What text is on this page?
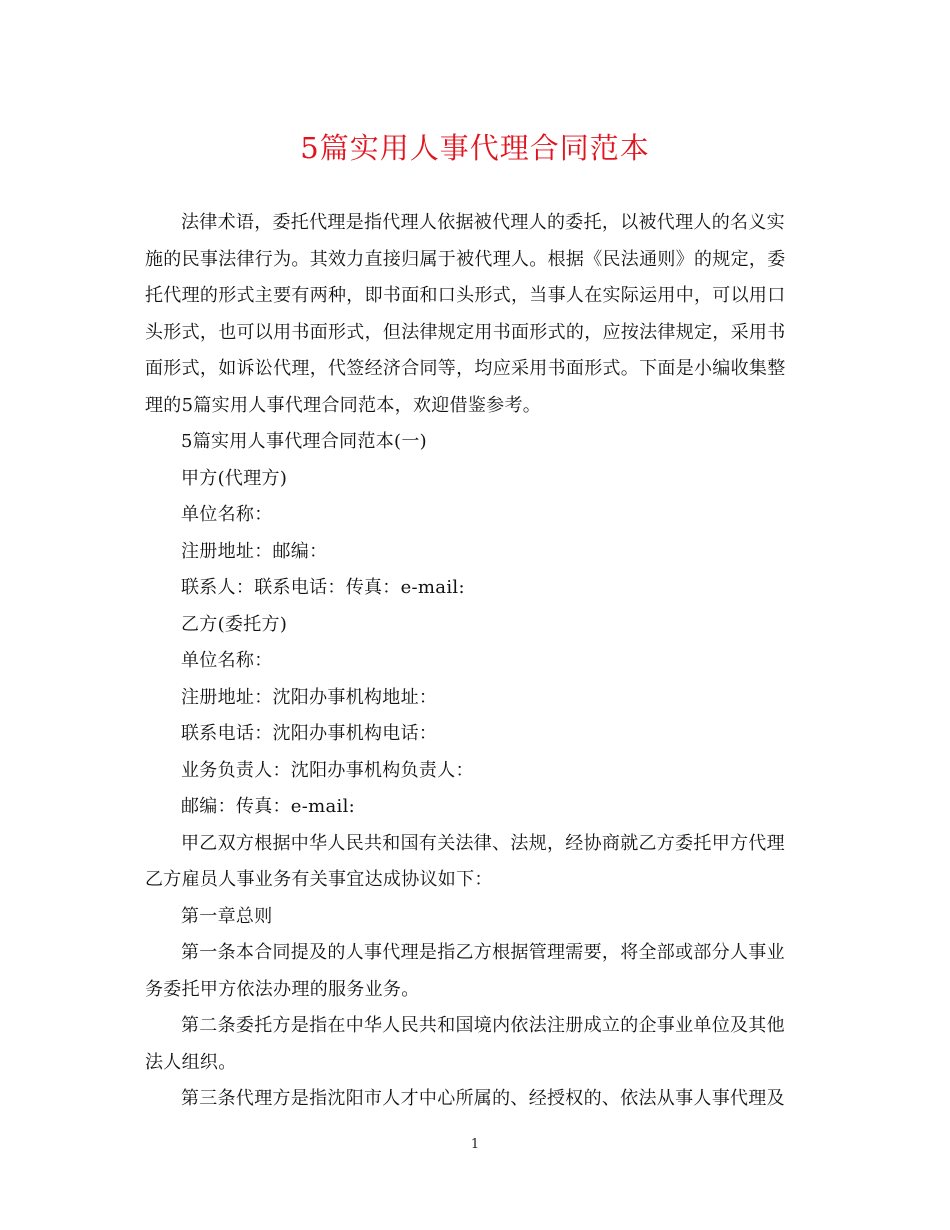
5篇实用人事代理合同范本

法律术语，委托代理是指代理人依据被代理人的委托，以被代理人的名义实施的民事法律行为。其效力直接归属于被代理人。根据《民法通则》的规定，委托代理的形式主要有两种，即书面和口头形式，当事人在实际运用中，可以用口头形式，也可以用书面形式，但法律规定用书面形式的，应按法律规定，采用书面形式，如诉讼代理，代签经济合同等，均应采用书面形式。下面是小编收集整理的5篇实用人事代理合同范本，欢迎借鉴参考。

5篇实用人事代理合同范本(一)

甲方(代理方)

单位名称：

注册地址：邮编：

联系人：联系电话：传真：e-mail:

乙方(委托方)

单位名称：

注册地址：沈阳办事机构地址：

联系电话：沈阳办事机构电话：

业务负责人：沈阳办事机构负责人：

邮编：传真：e-mail:

甲乙双方根据中华人民共和国有关法律、法规，经协商就乙方委托甲方代理乙方雇员人事业务有关事宜达成协议如下：

第一章总则

第一条本合同提及的人事代理是指乙方根据管理需要，将全部或部分人事业务委托甲方依法办理的服务业务。

第二条委托方是指在中华人民共和国境内依法注册成立的企事业单位及其他法人组织。

第三条代理方是指沈阳市人才中心所属的、经授权的、依法从事人事代理及

1
